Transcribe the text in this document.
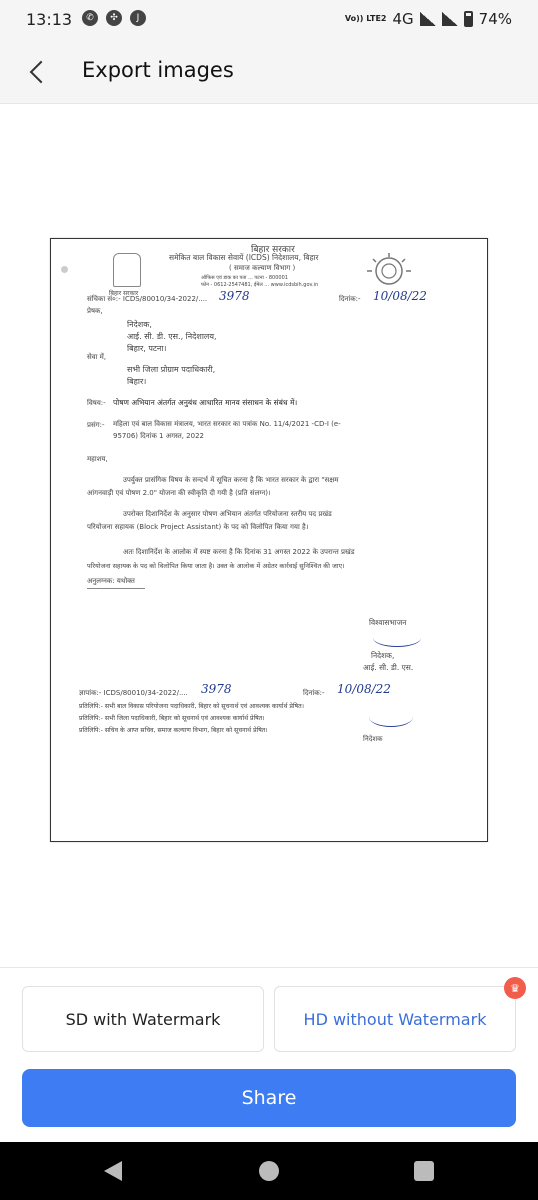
13:13	✆	✣	J	Vo)) LTE2 4G	74%
Export images
बिहार सरकार
बिहार सरकार
समेकित बाल विकास सेवायें (ICDS) निदेशालय, बिहार
( समाज कल्याण विभाग )
ऑफिस एवं डाक का पता ... पटना - 800001
फोन - 0612-2547481, ईमेल ... www.icdsbih.gov.in
संचिका सं०:- ICDS/80010/34-2022/.... 3978	दिनांक:- 10/08/22
प्रेषक,
निदेशक,
आई. सी. डी. एस., निदेशालय,
बिहार, पटना।
सेवा में,
सभी जिला प्रोग्राम पदाधिकारी,
बिहार।
विषय:- पोषण अभियान अंतर्गत अनुबंध आधारित मानव संसाधन के संबंध में।
प्रसंग:- महिला एवं बाल विकास मंत्रालय, भारत सरकार का पत्रांक No. 11/4/2021 -CD-I (e-
95706) दिनांक 1 अगस्त, 2022
महाशय,
उपर्युक्त प्रासंगिक विषय के सन्दर्भ में सूचित करना है कि भारत सरकार के द्वारा "सक्षम
आंगनवाड़ी एवं पोषण 2.0" योजना की स्वीकृति दी गयी है (प्रति संलग्न)।
उपरोक्त दिशानिर्देश के अनुसार पोषण अभियान अंतर्गत परियोजना स्तरीय पद प्रखंड
परियोजना सहायक (Block Project Assistant) के पद को विलोपित किया गया है।
अतः दिशानिर्देश के आलोक में स्पष्ट करना है कि दिनांक 31 अगस्त 2022 के उपरान्त प्रखंड
परियोजना सहायक के पद को विलोपित किया जाता है। उक्त के आलोक में अग्रेतर कार्रवाई सुनिश्चित की जाए।
अनुलग्नक: यथोक्त
विश्वासभाजन
निदेशक,
आई. सी. डी. एस.
ज्ञापांक:- ICDS/80010/34-2022/.... 3978	दिनांक:- 10/08/22
प्रतिलिपि:- सभी बाल विकास परियोजना पदाधिकारी, बिहार को सूचनार्थ एवं आवश्यक कार्यार्थ प्रेषित।
प्रतिलिपि:- सभी जिला पदाधिकारी, बिहार को सूचनार्थ एवं आवश्यक कार्यार्थ प्रेषित।
प्रतिलिपि:- सचिव के आप्त सचिव, समाज कल्याण विभाग, बिहार को सूचनार्थ प्रेषित।
निदेशक
SD with Watermark	HD without Watermark
♛
Share
